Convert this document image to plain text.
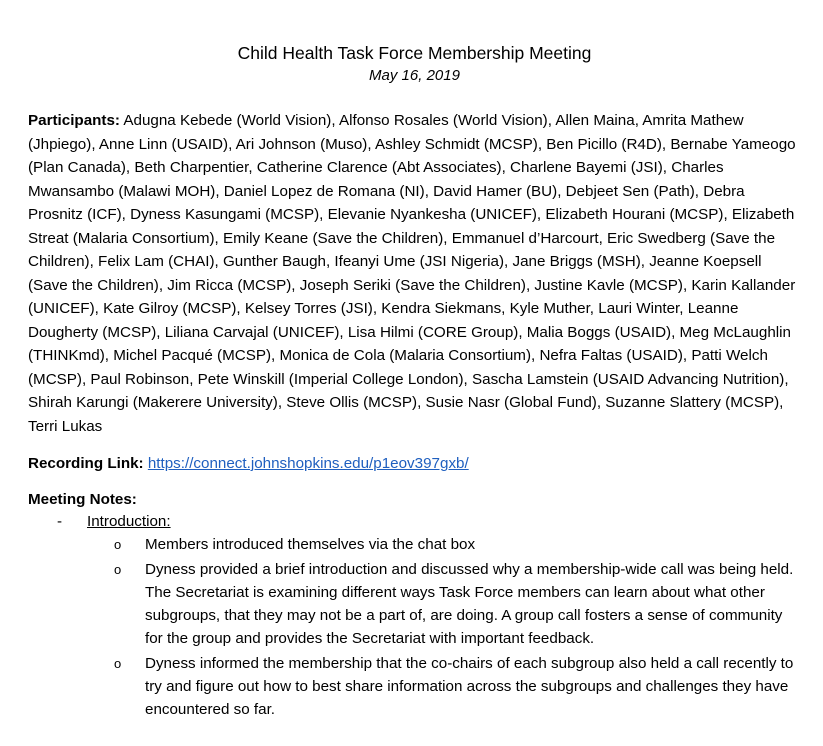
Child Health Task Force Membership Meeting
May 16, 2019
Participants: Adugna Kebede (World Vision), Alfonso Rosales (World Vision), Allen Maina, Amrita Mathew (Jhpiego), Anne Linn (USAID), Ari Johnson (Muso), Ashley Schmidt (MCSP), Ben Picillo (R4D), Bernabe Yameogo (Plan Canada), Beth Charpentier, Catherine Clarence (Abt Associates), Charlene Bayemi (JSI), Charles Mwansambo (Malawi MOH), Daniel Lopez de Romana (NI), David Hamer (BU), Debjeet Sen (Path), Debra Prosnitz (ICF), Dyness Kasungami (MCSP), Elevanie Nyankesha (UNICEF), Elizabeth Hourani (MCSP), Elizabeth Streat (Malaria Consortium), Emily Keane (Save the Children), Emmanuel d’Harcourt, Eric Swedberg (Save the Children), Felix Lam (CHAI), Gunther Baugh, Ifeanyi Ume (JSI Nigeria), Jane Briggs (MSH), Jeanne Koepsell (Save the Children), Jim Ricca (MCSP), Joseph Seriki (Save the Children), Justine Kavle (MCSP), Karin Kallander (UNICEF), Kate Gilroy (MCSP), Kelsey Torres (JSI), Kendra Siekmans, Kyle Muther, Lauri Winter, Leanne Dougherty (MCSP), Liliana Carvajal (UNICEF), Lisa Hilmi (CORE Group), Malia Boggs (USAID), Meg McLaughlin (THINKmd), Michel Pacqué (MCSP), Monica de Cola (Malaria Consortium), Nefra Faltas (USAID), Patti Welch (MCSP), Paul Robinson, Pete Winskill (Imperial College London), Sascha Lamstein (USAID Advancing Nutrition), Shirah Karungi (Makerere University), Steve Ollis (MCSP), Susie Nasr (Global Fund), Suzanne Slattery (MCSP), Terri Lukas
Recording Link: https://connect.johnshopkins.edu/p1eov397gxb/
Meeting Notes:
- Introduction:
o Members introduced themselves via the chat box
o Dyness provided a brief introduction and discussed why a membership-wide call was being held. The Secretariat is examining different ways Task Force members can learn about what other subgroups, that they may not be a part of, are doing. A group call fosters a sense of community for the group and provides the Secretariat with important feedback.
o Dyness informed the membership that the co-chairs of each subgroup also held a call recently to try and figure out how to best share information across the subgroups and challenges they have encountered so far.
